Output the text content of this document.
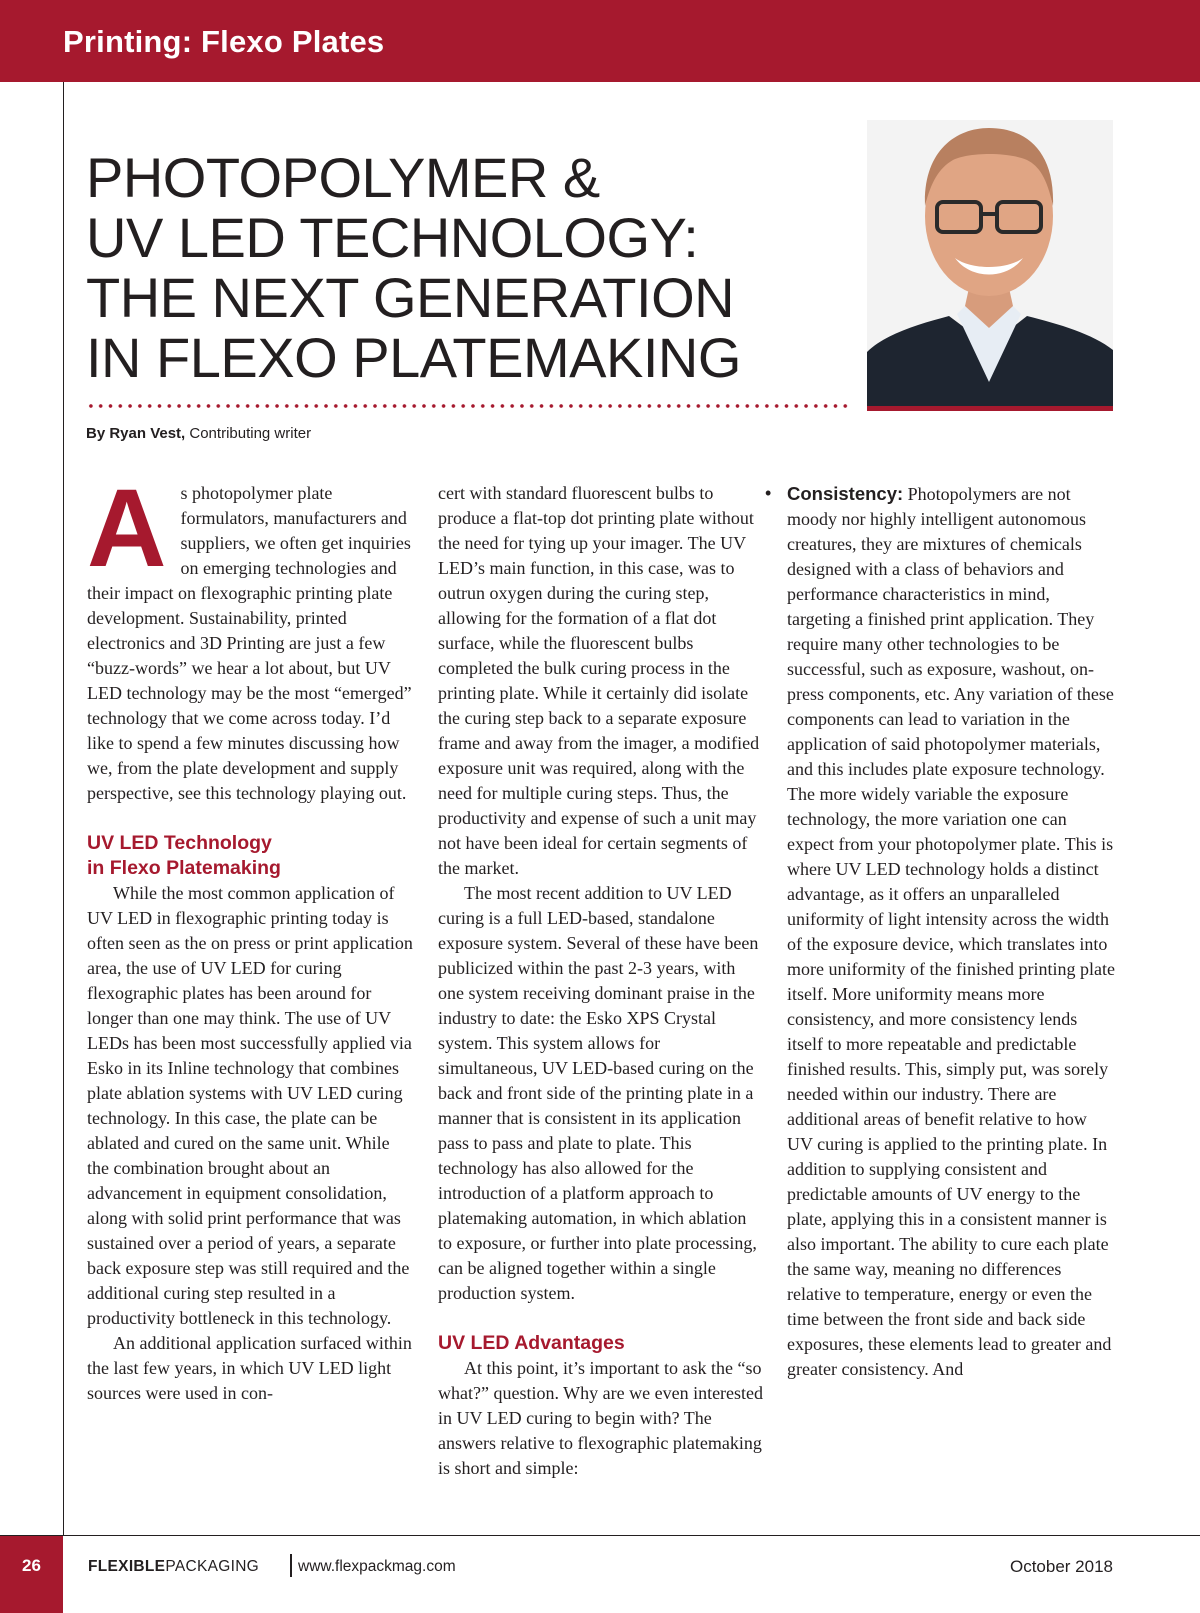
Printing: Flexo Plates
PHOTOPOLYMER &
UV LED TECHNOLOGY:
THE NEXT GENERATION
IN FLEXO PLATEMAKING
By Ryan Vest, Contributing writer
A s photopolymer plate formulators, manufacturers and suppliers, we often get inquiries on emerging technologies and their impact on flexographic printing plate development. Sustainability, printed electronics and 3D Printing are just a few “buzz-words” we hear a lot about, but UV LED technology may be the most “emerged” technology that we come across today. I’d like to spend a few minutes discussing how we, from the plate development and supply perspective, see this technology playing out.

UV LED Technology
in Flexo Platemaking

While the most common application of UV LED in flexographic printing today is often seen as the on press or print application area, the use of UV LED for curing flexographic plates has been around for longer than one may think. The use of UV LEDs has been most successfully applied via Esko in its Inline technology that combines plate ablation systems with UV LED curing technology. In this case, the plate can be ablated and cured on the same unit. While the combination brought about an advancement in equipment consolidation, along with solid print performance that was sustained over a period of years, a separate back exposure step was still required and the additional curing step resulted in a productivity bottleneck in this technology.

An additional application surfaced within the last few years, in which UV LED light sources were used in con-

cert with standard fluorescent bulbs to produce a flat-top dot printing plate without the need for tying up your imager. The UV LED’s main function, in this case, was to outrun oxygen during the curing step, allowing for the formation of a flat dot surface, while the fluorescent bulbs completed the bulk curing process in the printing plate. While it certainly did isolate the curing step back to a separate exposure frame and away from the imager, a modified exposure unit was required, along with the need for multiple curing steps. Thus, the productivity and expense of such a unit may not have been ideal for certain segments of the market.

The most recent addition to UV LED curing is a full LED-based, standalone exposure system. Several of these have been publicized within the past 2-3 years, with one system receiving dominant praise in the industry to date: the Esko XPS Crystal system. This system allows for simultaneous, UV LED-based curing on the back and front side of the printing plate in a manner that is consistent in its application pass to pass and plate to plate. This technology has also allowed for the introduction of a platform approach to platemaking automation, in which ablation to exposure, or further into plate processing, can be aligned together within a single production system.

UV LED Advantages

At this point, it’s important to ask the “so what?” question. Why are we even interested in UV LED curing to begin with? The answers relative to flexographic platemaking is short and simple:

• Consistency: Photopolymers are not moody nor highly intelligent autonomous creatures, they are mixtures of chemicals designed with a class of behaviors and performance characteristics in mind, targeting a finished print application. They require many other technologies to be successful, such as exposure, washout, on-press components, etc. Any variation of these components can lead to variation in the application of said photopolymer materials, and this includes plate exposure technology. The more widely variable the exposure technology, the more variation one can expect from your photopolymer plate. This is where UV LED technology holds a distinct advantage, as it offers an unparalleled uniformity of light intensity across the width of the exposure device, which translates into more uniformity of the finished printing plate itself. More uniformity means more consistency, and more consistency lends itself to more repeatable and predictable finished results. This, simply put, was sorely needed within our industry. There are additional areas of benefit relative to how UV curing is applied to the printing plate. In addition to supplying consistent and predictable amounts of UV energy to the plate, applying this in a consistent manner is also important. The ability to cure each plate the same way, meaning no differences relative to temperature, energy or even the time between the front side and back side exposures, these elements lead to greater and greater consistency. And

26	FLEXIBLEPACKAGING	www.flexpackmag.com	October 2018
